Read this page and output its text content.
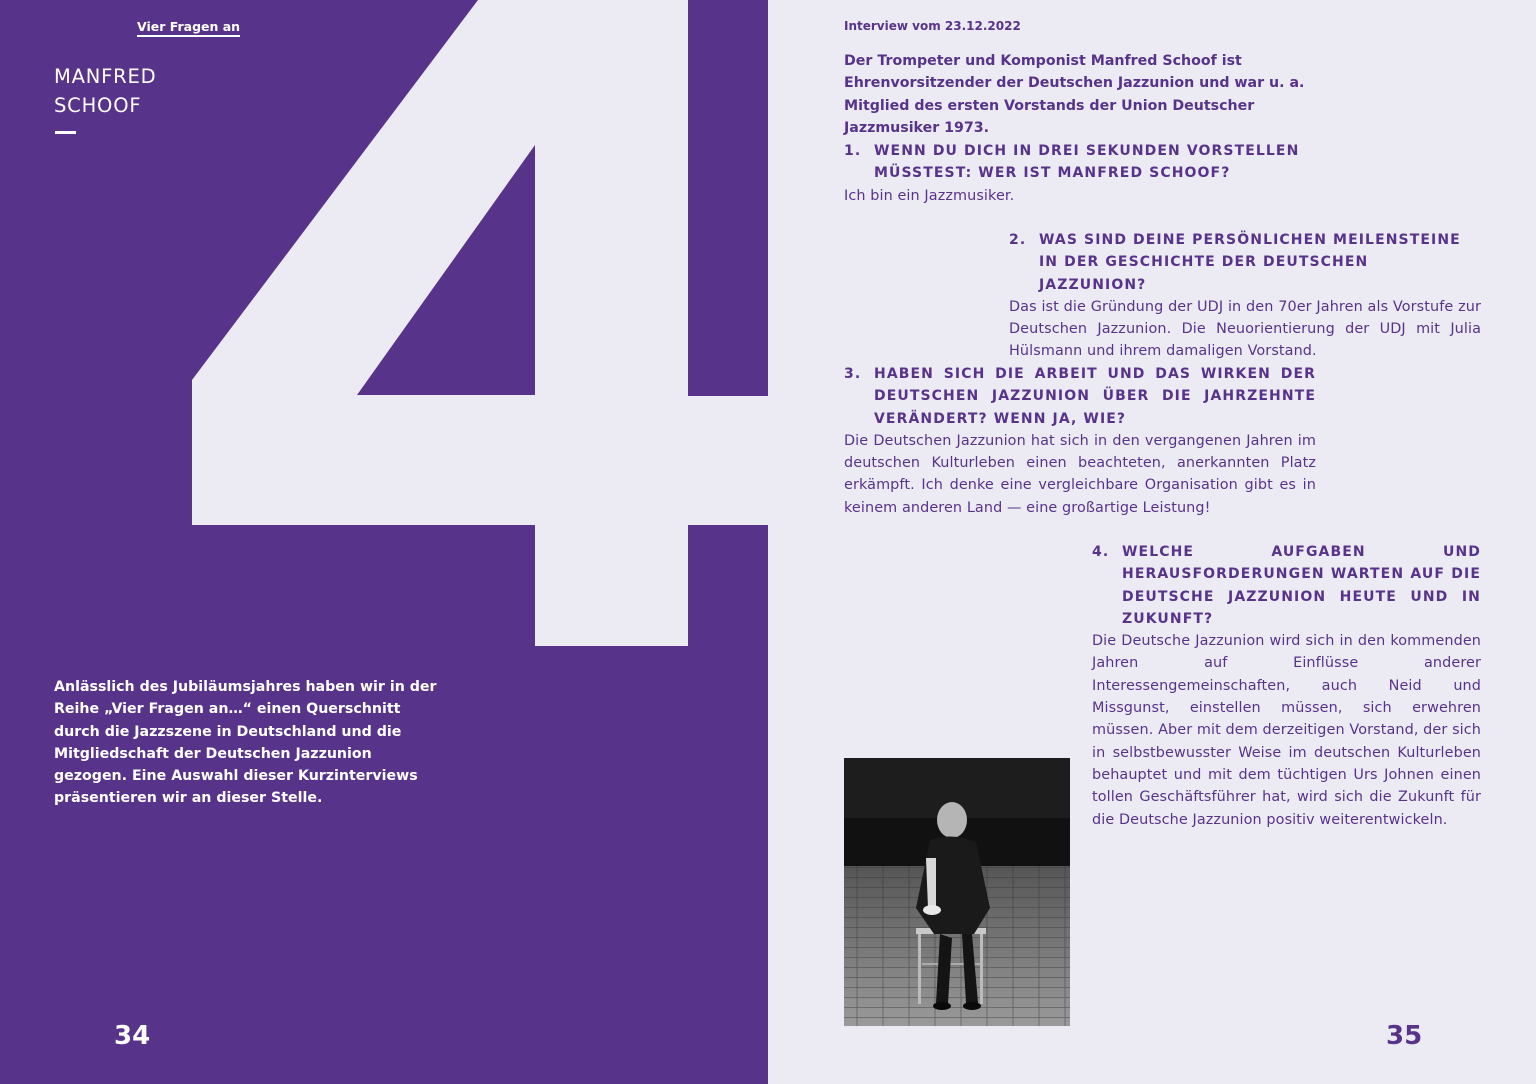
Vier Fragen an
MANFRED
SCHOOF
Anlässlich des Jubiläumsjahres haben wir in der Reihe „Vier Fragen an…“ einen Querschnitt durch die Jazzszene in Deutschland und die Mitgliedschaft der Deutschen Jazzunion gezogen. Eine Auswahl dieser Kurzinterviews präsentieren wir an dieser Stelle.
34
Interview vom 23.12.2022
Der Trompeter und Komponist Manfred Schoof ist Ehrenvorsitzender der Deutschen Jazzunion und war u. a. Mitglied des ersten Vorstands der Union Deutscher Jazzmusiker 1973.
1. WENN DU DICH IN DREI SEKUNDEN VORSTELLEN MÜSSTEST: WER IST MANFRED SCHOOF?
Ich bin ein Jazzmusiker.
2. WAS SIND DEINE PERSÖNLICHEN MEILENSTEINE IN DER GESCHICHTE DER DEUTSCHEN JAZZUNION?
Das ist die Gründung der UDJ in den 70er Jahren als Vorstufe zur Deutschen Jazzunion. Die Neuorientierung der UDJ mit Julia Hülsmann und ihrem damaligen Vorstand.
3. HABEN SICH DIE ARBEIT UND DAS WIRKEN DER DEUTSCHEN JAZZUNION ÜBER DIE JAHRZEHNTE VERÄNDERT? WENN JA, WIE?
Die Deutschen Jazzunion hat sich in den vergangenen Jahren im deutschen Kulturleben einen beachteten, anerkannten Platz erkämpft. Ich denke eine vergleichbare Organisation gibt es in keinem anderen Land — eine großartige Leistung!
4. WELCHE AUFGABEN UND HERAUSFORDERUNGEN WARTEN AUF DIE DEUTSCHE JAZZUNION HEUTE UND IN ZUKUNFT?
Die Deutsche Jazzunion wird sich in den kommenden Jahren auf Einflüsse anderer Interessengemeinschaften, auch Neid und Missgunst, einstellen müssen, sich erwehren müssen. Aber mit dem derzeitigen Vorstand, der sich in selbstbewusster Weise im deutschen Kulturleben behauptet und mit dem tüchtigen Urs Johnen einen tollen Geschäftsführer hat, wird sich die Zukunft für die Deutsche Jazzunion positiv weiterentwickeln.
35
